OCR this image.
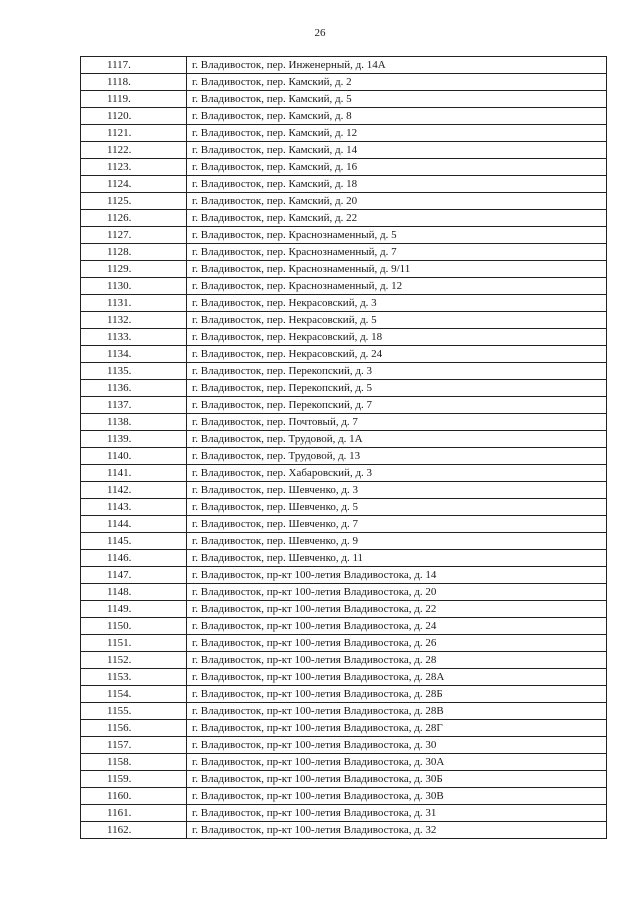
26
1117.	г. Владивосток, пер. Инженерный, д. 14А
1118.	г. Владивосток, пер. Камский, д. 2
1119.	г. Владивосток, пер. Камский, д. 5
1120.	г. Владивосток, пер. Камский, д. 8
1121.	г. Владивосток, пер. Камский, д. 12
1122.	г. Владивосток, пер. Камский, д. 14
1123.	г. Владивосток, пер. Камский, д. 16
1124.	г. Владивосток, пер. Камский, д. 18
1125.	г. Владивосток, пер. Камский, д. 20
1126.	г. Владивосток, пер. Камский, д. 22
1127.	г. Владивосток, пер. Краснознаменный, д. 5
1128.	г. Владивосток, пер. Краснознаменный, д. 7
1129.	г. Владивосток, пер. Краснознаменный, д. 9/11
1130.	г. Владивосток, пер. Краснознаменный, д. 12
1131.	г. Владивосток, пер. Некрасовский, д. 3
1132.	г. Владивосток, пер. Некрасовский, д. 5
1133.	г. Владивосток, пер. Некрасовский, д. 18
1134.	г. Владивосток, пер. Некрасовский, д. 24
1135.	г. Владивосток, пер. Перекопский, д. 3
1136.	г. Владивосток, пер. Перекопский, д. 5
1137.	г. Владивосток, пер. Перекопский, д. 7
1138.	г. Владивосток, пер. Почтовый, д. 7
1139.	г. Владивосток, пер. Трудовой, д. 1А
1140.	г. Владивосток, пер. Трудовой, д. 13
1141.	г. Владивосток, пер. Хабаровский, д. 3
1142.	г. Владивосток, пер. Шевченко, д. 3
1143.	г. Владивосток, пер. Шевченко, д. 5
1144.	г. Владивосток, пер. Шевченко, д. 7
1145.	г. Владивосток, пер. Шевченко, д. 9
1146.	г. Владивосток, пер. Шевченко, д. 11
1147.	г. Владивосток, пр-кт 100-летия Владивостока, д. 14
1148.	г. Владивосток, пр-кт 100-летия Владивостока, д. 20
1149.	г. Владивосток, пр-кт 100-летия Владивостока, д. 22
1150.	г. Владивосток, пр-кт 100-летия Владивостока, д. 24
1151.	г. Владивосток, пр-кт 100-летия Владивостока, д. 26
1152.	г. Владивосток, пр-кт 100-летия Владивостока, д. 28
1153.	г. Владивосток, пр-кт 100-летия Владивостока, д. 28А
1154.	г. Владивосток, пр-кт 100-летия Владивостока, д. 28Б
1155.	г. Владивосток, пр-кт 100-летия Владивостока, д. 28В
1156.	г. Владивосток, пр-кт 100-летия Владивостока, д. 28Г
1157.	г. Владивосток, пр-кт 100-летия Владивостока, д. 30
1158.	г. Владивосток, пр-кт 100-летия Владивостока, д. 30А
1159.	г. Владивосток, пр-кт 100-летия Владивостока, д. 30Б
1160.	г. Владивосток, пр-кт 100-летия Владивостока, д. 30В
1161.	г. Владивосток, пр-кт 100-летия Владивостока, д. 31
1162.	г. Владивосток, пр-кт 100-летия Владивостока, д. 32
